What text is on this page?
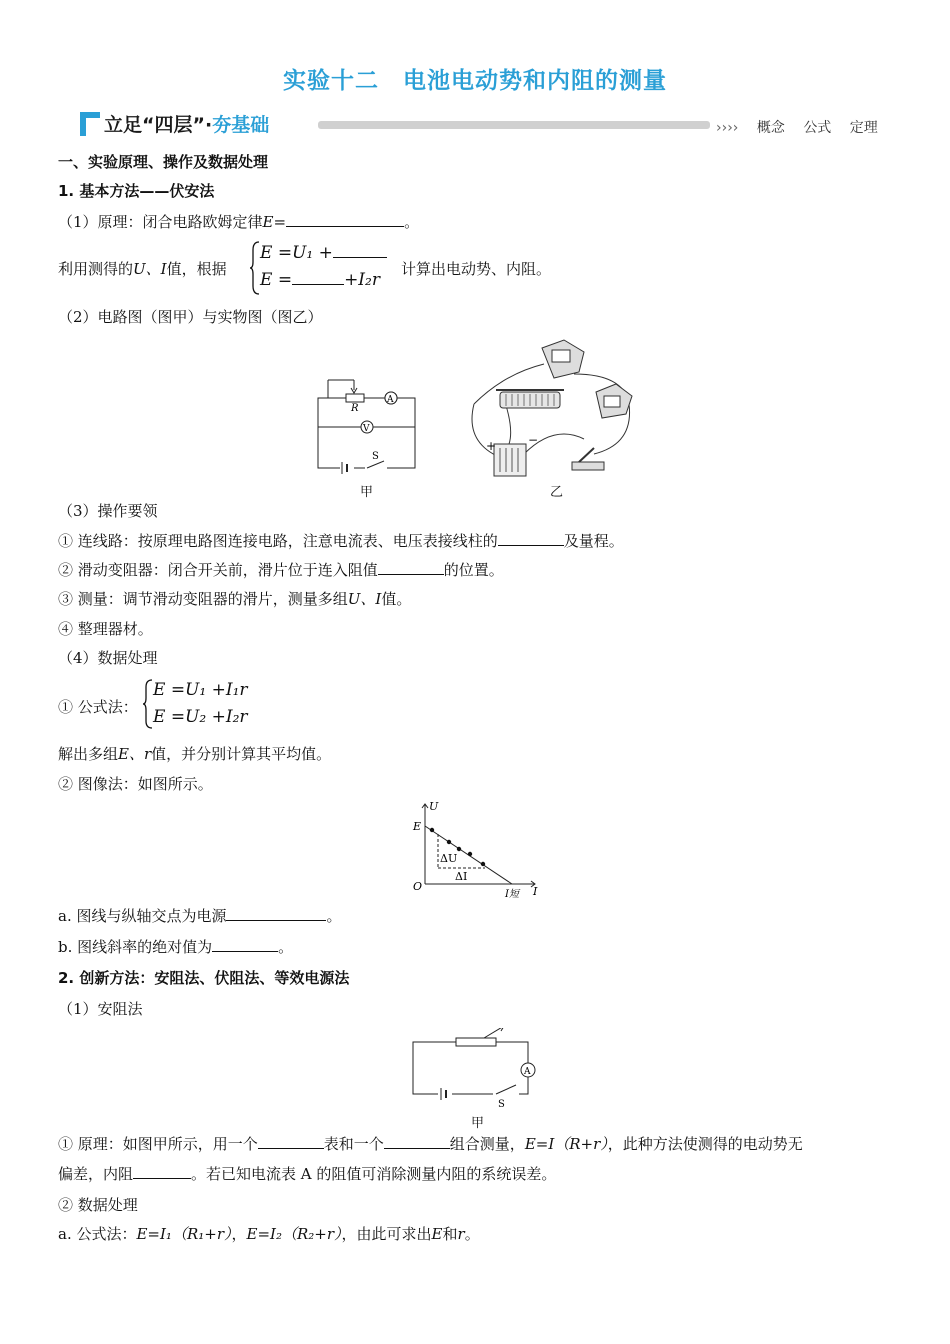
实验十二　电池电动势和内阻的测量
立足“四层”·夯基础	›››› 概念 公式 定理
一、实验原理、操作及数据处理
1. 基本方法——伏安法
（1）原理：闭合电路欧姆定律E=	。
利用测得的U、I值，根据
E =U₁ +
E =	+I₂r
计算出电动势、内阻。
（2）电路图（图甲）与实物图（图乙）
R
A
V
S
甲
+	−
乙
（3）操作要领
① 连线路：按原理电路图连接电路，注意电流表、电压表接线柱的	及量程。
② 滑动变阻器：闭合开关前，滑片位于连入阻值	的位置。
③ 测量：调节滑动变阻器的滑片，测量多组U、I值。
④ 整理器材。
（4）数据处理
① 公式法：
E =U₁ +I₁r
E =U₂ +I₂r
解出多组E、r值，并分别计算其平均值。
② 图像法：如图所示。
U
E
O	I
ΔU
ΔI
I短
a. 图线与纵轴交点为电源	。
b. 图线斜率的绝对值为	。
2. 创新方法：安阻法、伏阻法、等效电源法
（1）安阻法
A
S
甲
① 原理：如图甲所示，用一个	表和一个	组合测量，E=I（R+r），此种方法使测得的电动势无
偏差，内阻	。若已知电流表 A 的阻值可消除测量内阻的系统误差。
② 数据处理
a. 公式法：E=I₁（R₁+r），E=I₂（R₂+r），由此可求出E和r。
